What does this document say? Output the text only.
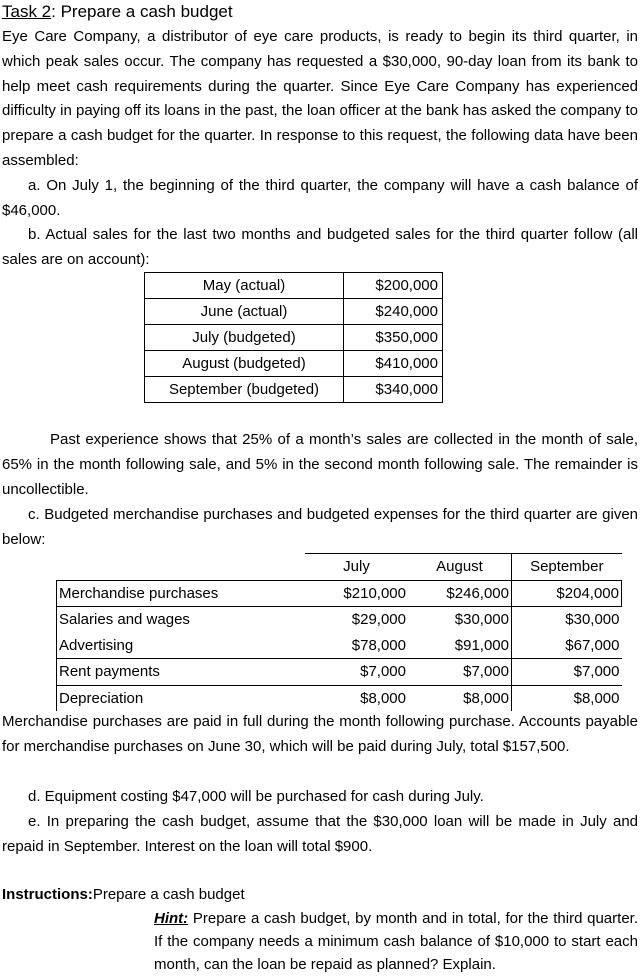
Task 2: Prepare a cash budget
Eye Care Company, a distributor of eye care products, is ready to begin its third quarter, in which peak sales occur. The company has requested a $30,000, 90-day loan from its bank to help meet cash requirements during the quarter. Since Eye Care Company has experienced difficulty in paying off its loans in the past, the loan officer at the bank has asked the company to prepare a cash budget for the quarter. In response to this request, the following data have been assembled:
a. On July 1, the beginning of the third quarter, the company will have a cash balance of $46,000.
b. Actual sales for the last two months and budgeted sales for the third quarter follow (all sales are on account):
May (actual)	$200,000
June (actual)	$240,000
July (budgeted)	$350,000
August (budgeted)	$410,000
September (budgeted)	$340,000
Past experience shows that 25% of a month’s sales are collected in the month of sale, 65% in the month following sale, and 5% in the second month following sale. The remainder is uncollectible.
c. Budgeted merchandise purchases and budgeted expenses for the third quarter are given below:
	July	August	September
Merchandise purchases	$210,000	$246,000	$204,000
Salaries and wages	$29,000	$30,000	$30,000
Advertising	$78,000	$91,000	$67,000
Rent payments	$7,000	$7,000	$7,000
Depreciation	$8,000	$8,000	$8,000
Merchandise purchases are paid in full during the month following purchase. Accounts payable for merchandise purchases on June 30, which will be paid during July, total $157,500.
d. Equipment costing $47,000 will be purchased for cash during July.
e. In preparing the cash budget, assume that the $30,000 loan will be made in July and repaid in September. Interest on the loan will total $900.
Instructions:Prepare a cash budget
Hint: Prepare a cash budget, by month and in total, for the third quarter. If the company needs a minimum cash balance of $10,000 to start each month, can the loan be repaid as planned? Explain.
